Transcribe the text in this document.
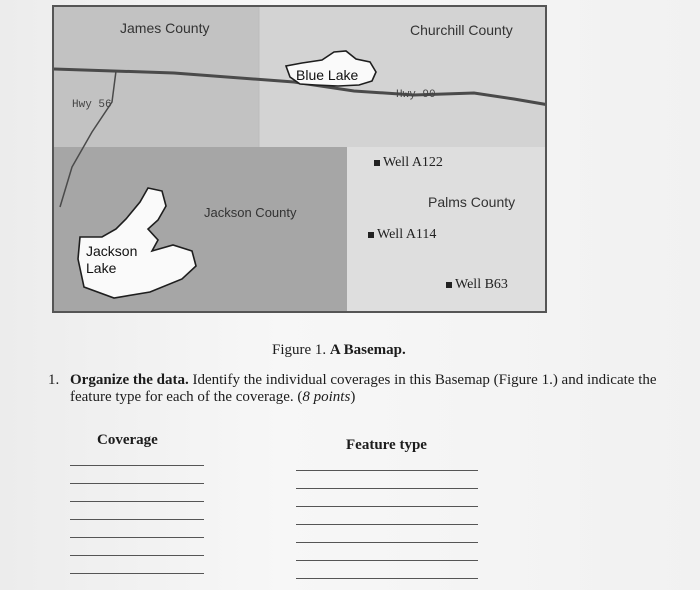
James County	Churchill County
Blue Lake
Hwy 56
Hwy 90
Jackson County
Palms County
Jackson
Lake
Well A122
Well A114
Well B63
Figure 1. A Basemap.
1. Organize the data. Identify the individual coverages in this Basemap (Figure 1.) and indicate the feature type for each of the coverage. (8 points)
Coverage	Feature type
